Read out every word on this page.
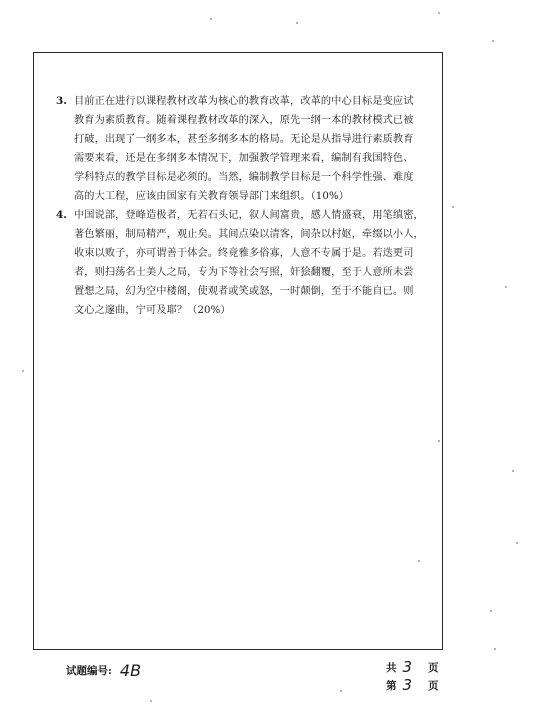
3. 目前正在进行以课程教材改革为核心的教育改革，改革的中心目标是变应试
教育为素质教育。随着课程教材改革的深入，原先一纲一本的教材模式已被
打破，出现了一纲多本，甚至多纲多本的格局。无论是从指导进行素质教育
需要来看，还是在多纲多本情况下，加强教学管理来看，编制有我国特色、
学科特点的教学目标是必须的。当然，编制教学目标是一个科学性强、难度
高的大工程，应该由国家有关教育领导部门来组织。（10%）
4. 中国说部，登峰造极者，无若石头记，叙人间富贵，感人情盛衰，用笔缜密，
著色繁丽，制局精严，观止矣。其间点染以清客，间杂以村妪，牵缀以小人，
收束以败子，亦可谓善于体会。终竟雅多俗寡，人意不专属于是。若迭更司
者，则扫荡名士美人之局，专为下等社会写照，奸狯翻覆，至于人意所未尝
置想之局，幻为空中楼阁，使观者或笑或怒，一时颠倒，至于不能自已。则
文心之邃曲，宁可及耶？（20%）
试题编号: 4B	共 3 页
第 3 页
